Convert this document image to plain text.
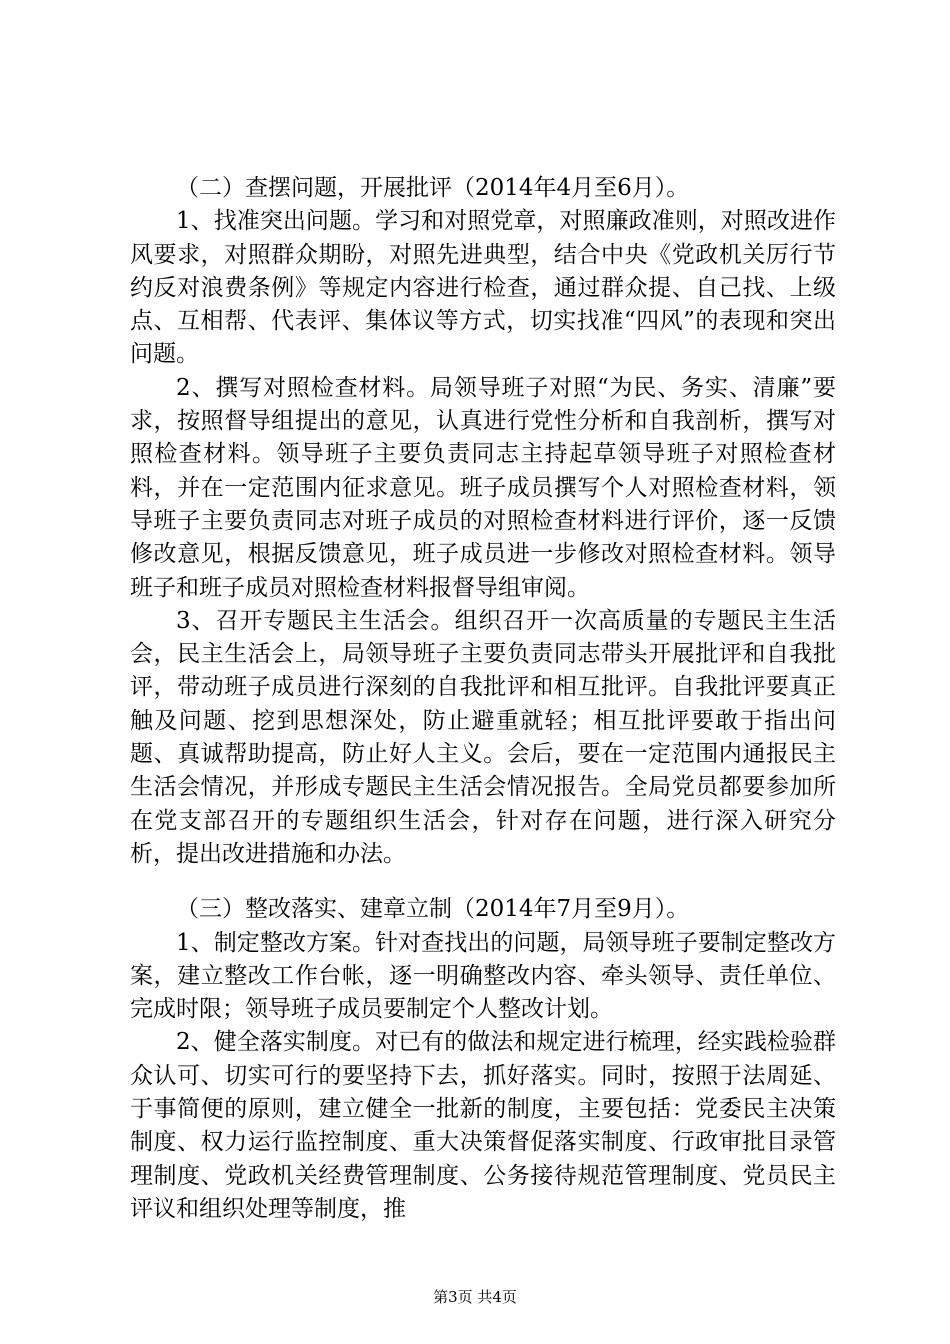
（二）查摆问题，开展批评（2014年4月至6月）。

1、找准突出问题。学习和对照党章，对照廉政准则，对照改进作风要求，对照群众期盼，对照先进典型，结合中央《党政机关厉行节约反对浪费条例》等规定内容进行检查，通过群众提、自己找、上级点、互相帮、代表评、集体议等方式，切实找准“四风”的表现和突出问题。

2、撰写对照检查材料。局领导班子对照“为民、务实、清廉”要求，按照督导组提出的意见，认真进行党性分析和自我剖析，撰写对照检查材料。领导班子主要负责同志主持起草领导班子对照检查材料，并在一定范围内征求意见。班子成员撰写个人对照检查材料，领导班子主要负责同志对班子成员的对照检查材料进行评价，逐一反馈修改意见，根据反馈意见，班子成员进一步修改对照检查材料。领导班子和班子成员对照检查材料报督导组审阅。

3、召开专题民主生活会。组织召开一次高质量的专题民主生活会，民主生活会上，局领导班子主要负责同志带头开展批评和自我批评，带动班子成员进行深刻的自我批评和相互批评。自我批评要真正触及问题、挖到思想深处，防止避重就轻；相互批评要敢于指出问题、真诚帮助提高，防止好人主义。会后，要在一定范围内通报民主生活会情况，并形成专题民主生活会情况报告。全局党员都要参加所在党支部召开的专题组织生活会，针对存在问题，进行深入研究分析，提出改进措施和办法。

（三）整改落实、建章立制（2014年7月至9月）。

1、制定整改方案。针对查找出的问题，局领导班子要制定整改方案，建立整改工作台帐，逐一明确整改内容、牵头领导、责任单位、完成时限；领导班子成员要制定个人整改计划。

2、健全落实制度。对已有的做法和规定进行梳理，经实践检验群众认可、切实可行的要坚持下去，抓好落实。同时，按照于法周延、于事简便的原则，建立健全一批新的制度，主要包括：党委民主决策制度、权力运行监控制度、重大决策督促落实制度、行政审批目录管理制度、党政机关经费管理制度、公务接待规范管理制度、党员民主评议和组织处理等制度，推

第3页 共4页
